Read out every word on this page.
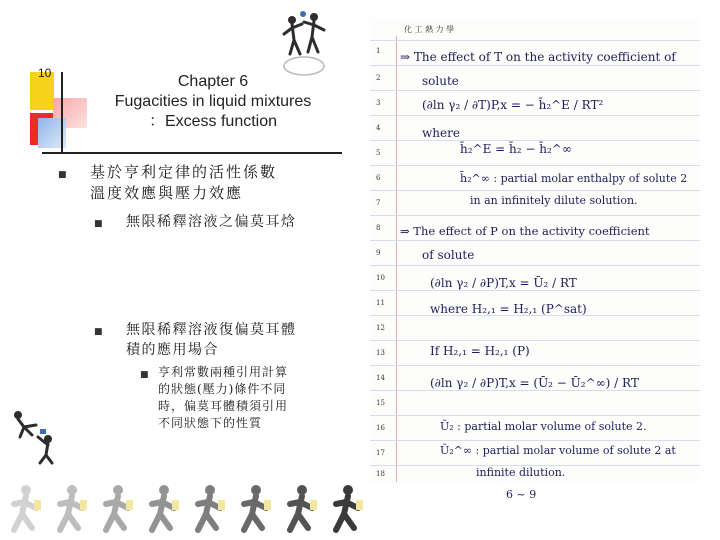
10	Chapter 6
Fugacities in liquid mixtures
：Excess function
■ 基於亨利定律的活性係數
溫度效應與壓力效應
■ 無限稀釋溶液之偏莫耳焓
■ 無限稀釋溶液復偏莫耳體
積的應用場合
■ 亨利常數兩種引用計算
的狀態(壓力)條件不同
時，偏莫耳體積須引用
不同狀態下的性質
化 工 熱 力 學
1
2
3
4
5
6
7
8
9
10
11
12
13
14
15
16
17
18
⇒ The effect of T on the activity coefficient of
solute
(∂ln γ₂ / ∂T)P,x = − h̄₂^E / RT²
where
h̄₂^E = h̄₂ − h̄₂^∞
h̄₂^∞ : partial molar enthalpy of solute 2
in an infinitely dilute solution.
⇒ The effect of P on the activity coefficient
of solute
(∂ln γ₂ / ∂P)T,x = Ū₂ / RT
where H₂,₁ = H₂,₁ (P^sat)
If H₂,₁ = H₂,₁ (P)
(∂ln γ₂ / ∂P)T,x = (Ū₂ − Ū₂^∞) / RT
Ū₂ : partial molar volume of solute 2.
Ū₂^∞ : partial molar volume of solute 2 at
infinite dilution.
6 ~ 9
